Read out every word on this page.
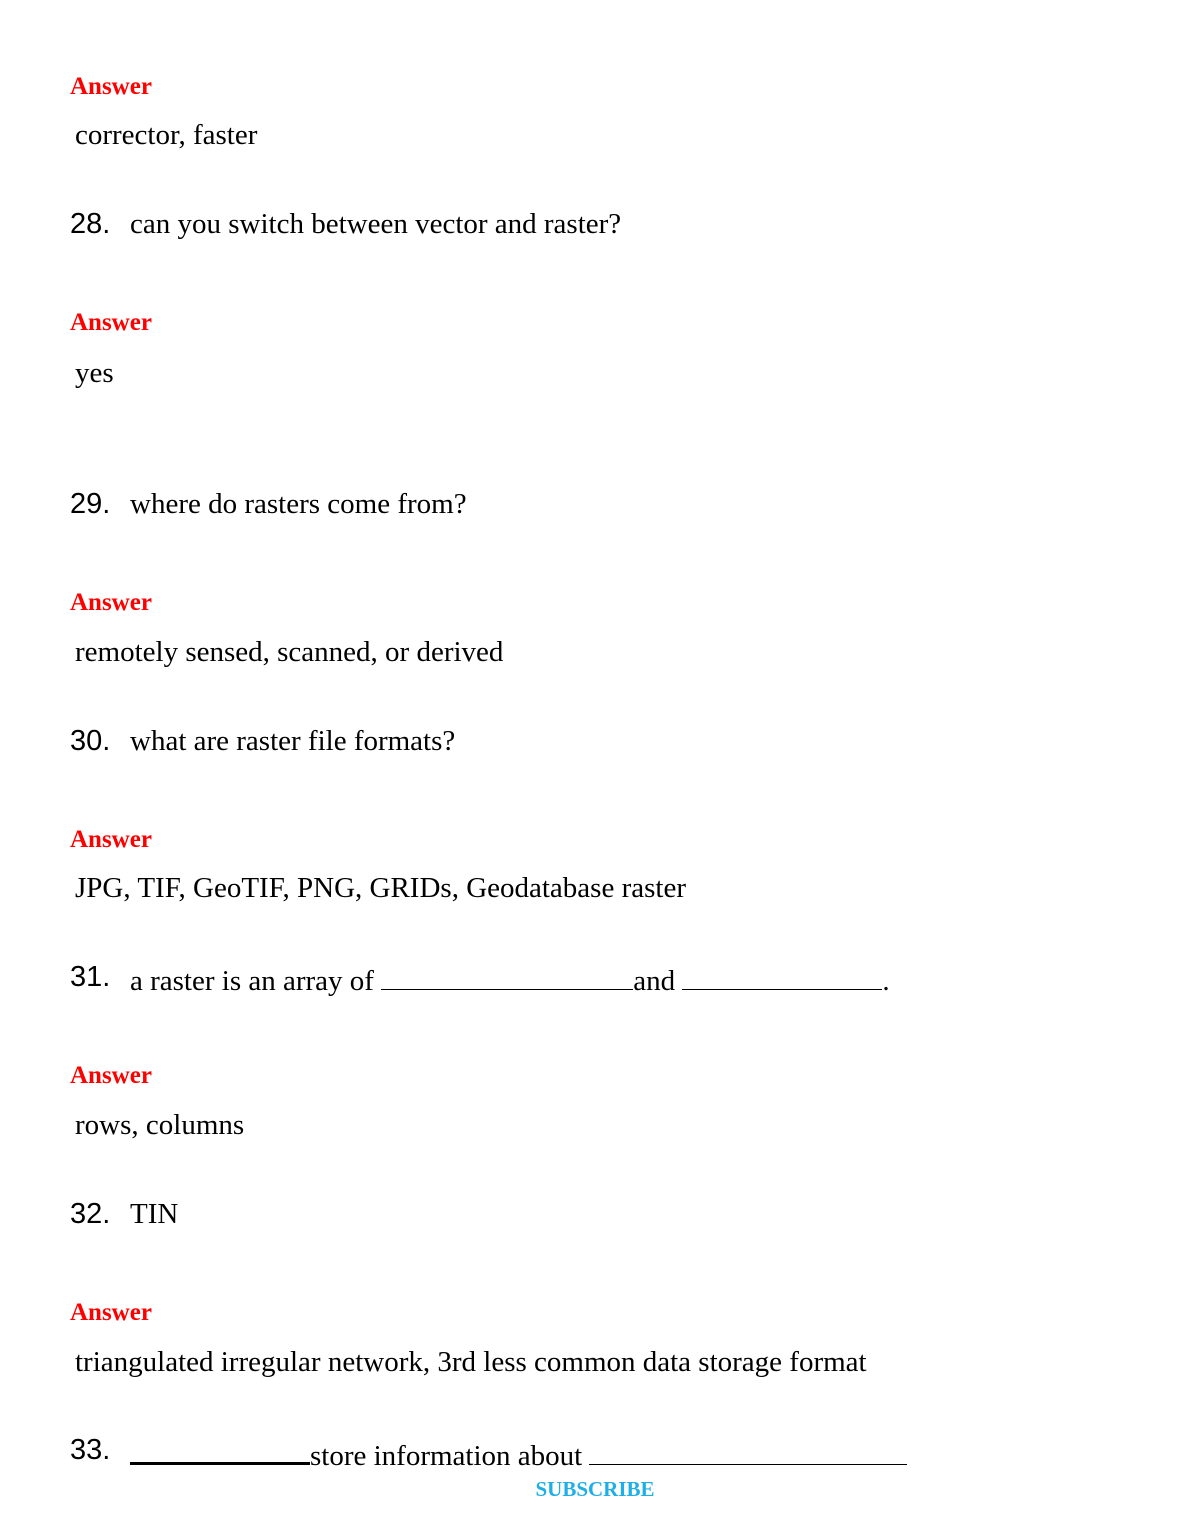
Answer
corrector, faster
28. can you switch between vector and raster?
Answer
yes
29. where do rasters come from?
Answer
remotely sensed, scanned, or derived
30. what are raster file formats?
Answer
JPG, TIF, GeoTIF, PNG, GRIDs, Geodatabase raster
31. a raster is an array of	and	.
Answer
rows, columns
32. TIN
Answer
triangulated irregular network, 3rd less common data storage format
33.	store information about
SUBSCRIBE
